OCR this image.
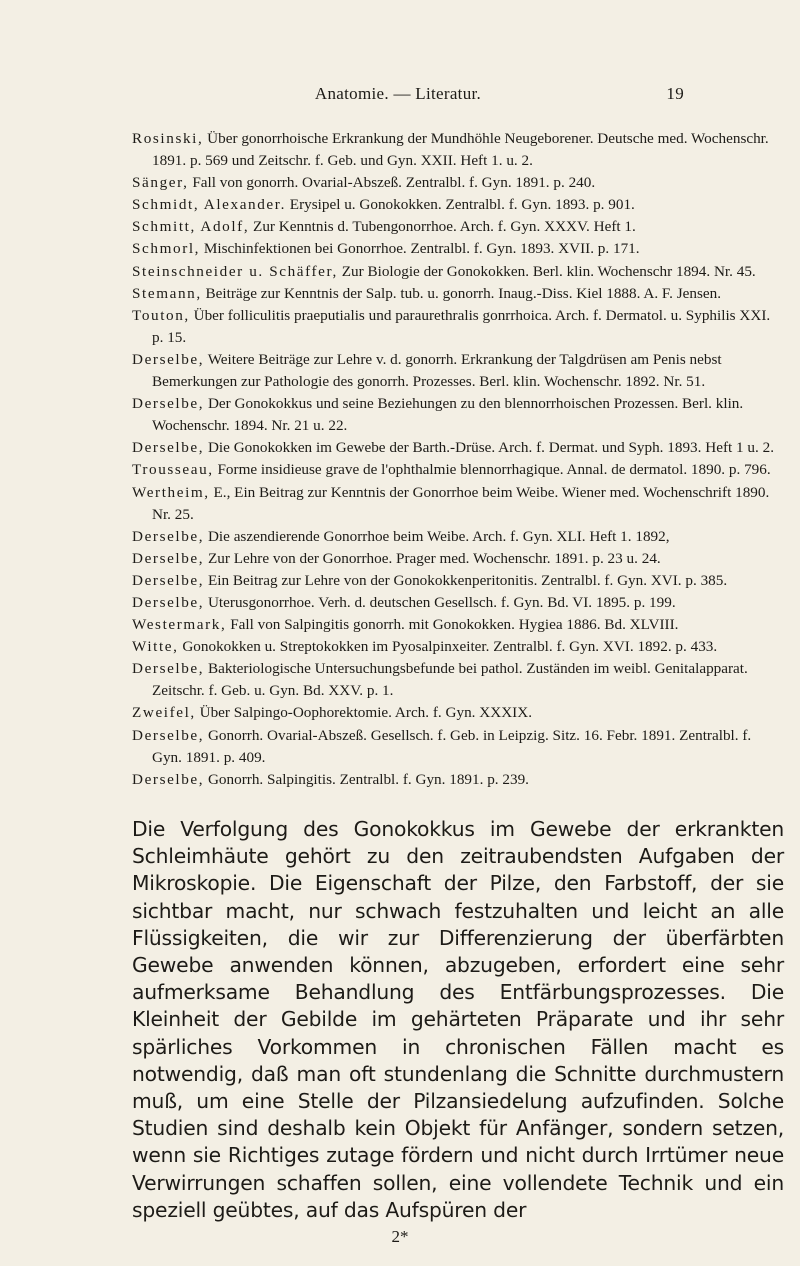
Anatomie. — Literatur.	19

Rosinski, Über gonorrhoische Erkrankung der Mundhöhle Neugeborener. Deutsche med. Wochenschr. 1891. p. 569 und Zeitschr. f. Geb. und Gyn. XXII. Heft 1. u. 2.

Sänger, Fall von gonorrh. Ovarial-Abszeß. Zentralbl. f. Gyn. 1891. p. 240.

Schmidt, Alexander. Erysipel u. Gonokokken. Zentralbl. f. Gyn. 1893. p. 901.

Schmitt, Adolf, Zur Kenntnis d. Tubengonorrhoe. Arch. f. Gyn. XXXV. Heft 1.

Schmorl, Mischinfektionen bei Gonorrhoe. Zentralbl. f. Gyn. 1893. XVII. p. 171.

Steinschneider u. Schäffer, Zur Biologie der Gonokokken. Berl. klin. Wochenschr 1894. Nr. 45.

Stemann, Beiträge zur Kenntnis der Salp. tub. u. gonorrh. Inaug.-Diss. Kiel 1888. A. F. Jensen.

Touton, Über folliculitis praeputialis und paraurethralis gonrrhoica. Arch. f. Dermatol. u. Syphilis XXI. p. 15.

Derselbe, Weitere Beiträge zur Lehre v. d. gonorrh. Erkrankung der Talgdrüsen am Penis nebst Bemerkungen zur Pathologie des gonorrh. Prozesses. Berl. klin. Wochenschr. 1892. Nr. 51.

Derselbe, Der Gonokokkus und seine Beziehungen zu den blennorrhoischen Prozessen. Berl. klin. Wochenschr. 1894. Nr. 21 u. 22.

Derselbe, Die Gonokokken im Gewebe der Barth.-Drüse. Arch. f. Dermat. und Syph. 1893. Heft 1 u. 2.

Trousseau, Forme insidieuse grave de l'ophthalmie blennorrhagique. Annal. de dermatol. 1890. p. 796.

Wertheim, E., Ein Beitrag zur Kenntnis der Gonorrhoe beim Weibe. Wiener med. Wochenschrift 1890. Nr. 25.

Derselbe, Die aszendierende Gonorrhoe beim Weibe. Arch. f. Gyn. XLI. Heft 1. 1892,

Derselbe, Zur Lehre von der Gonorrhoe. Prager med. Wochenschr. 1891. p. 23 u. 24.

Derselbe, Ein Beitrag zur Lehre von der Gonokokkenperitonitis. Zentralbl. f. Gyn. XVI. p. 385.

Derselbe, Uterusgonorrhoe. Verh. d. deutschen Gesellsch. f. Gyn. Bd. VI. 1895. p. 199.

Westermark, Fall von Salpingitis gonorrh. mit Gonokokken. Hygiea 1886. Bd. XLVIII.

Witte, Gonokokken u. Streptokokken im Pyosalpinxeiter. Zentralbl. f. Gyn. XVI. 1892. p. 433.

Derselbe, Bakteriologische Untersuchungsbefunde bei pathol. Zuständen im weibl. Genitalapparat. Zeitschr. f. Geb. u. Gyn. Bd. XXV. p. 1.

Zweifel, Über Salpingo-Oophorektomie. Arch. f. Gyn. XXXIX.

Derselbe, Gonorrh. Ovarial-Abszeß. Gesellsch. f. Geb. in Leipzig. Sitz. 16. Febr. 1891. Zentralbl. f. Gyn. 1891. p. 409.

Derselbe, Gonorrh. Salpingitis. Zentralbl. f. Gyn. 1891. p. 239.

Die Verfolgung des Gonokokkus im Gewebe der erkrankten Schleimhäute gehört zu den zeitraubendsten Aufgaben der Mikroskopie. Die Eigenschaft der Pilze, den Farbstoff, der sie sichtbar macht, nur schwach festzuhalten und leicht an alle Flüssigkeiten, die wir zur Differenzierung der überfärbten Gewebe anwenden können, abzugeben, erfordert eine sehr aufmerksame Behandlung des Entfärbungsprozesses. Die Kleinheit der Gebilde im gehärteten Präparate und ihr sehr spärliches Vorkommen in chronischen Fällen macht es notwendig, daß man oft stundenlang die Schnitte durchmustern muß, um eine Stelle der Pilzansiedelung aufzufinden. Solche Studien sind deshalb kein Objekt für Anfänger, sondern setzen, wenn sie Richtiges zutage fördern und nicht durch Irrtümer neue Verwirrungen schaffen sollen, eine vollendete Technik und ein speziell geübtes, auf das Aufspüren der

2*
